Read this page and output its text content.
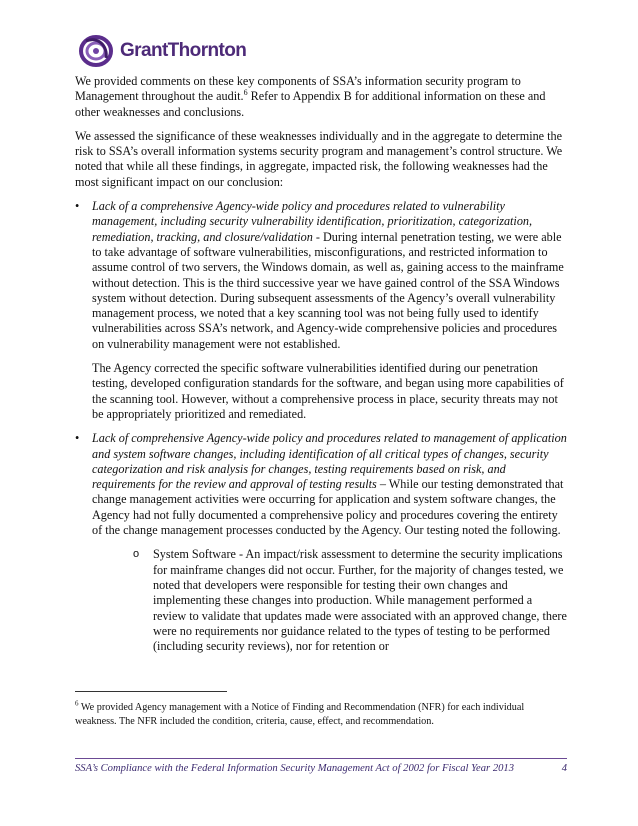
GrantThornton

We provided comments on these key components of SSA’s information security program to Management throughout the audit.$^6$ Refer to Appendix B for additional information on these and other weaknesses and conclusions.

We assessed the significance of these weaknesses individually and in the aggregate to determine the risk to SSA’s overall information systems security program and management’s control structure. We noted that while all these findings, in aggregate, impacted risk, the following weaknesses had the most significant impact on our conclusion:

• Lack of a comprehensive Agency-wide policy and procedures related to vulnerability management, including security vulnerability identification, prioritization, categorization, remediation, tracking, and closure/validation - During internal penetration testing, we were able to take advantage of software vulnerabilities, misconfigurations, and restricted information to assume control of two servers, the Windows domain, as well as, gaining access to the mainframe without detection. This is the third successive year we have gained control of the SSA Windows system without detection. During subsequent assessments of the Agency’s overall vulnerability management process, we noted that a key scanning tool was not being fully used to identify vulnerabilities across SSA’s network, and Agency-wide comprehensive policies and procedures on vulnerability management were not established.

The Agency corrected the specific software vulnerabilities identified during our penetration testing, developed configuration standards for the software, and began using more capabilities of the scanning tool. However, without a comprehensive process in place, security threats may not be appropriately prioritized and remediated.

• Lack of comprehensive Agency-wide policy and procedures related to management of application and system software changes, including identification of all critical types of changes, security categorization and risk analysis for changes, testing requirements based on risk, and requirements for the review and approval of testing results – While our testing demonstrated that change management activities were occurring for application and system software changes, the Agency had not fully documented a comprehensive policy and procedures covering the entirety of the change management processes conducted by the Agency. Our testing noted the following.

o System Software - An impact/risk assessment to determine the security implications for mainframe changes did not occur. Further, for the majority of changes tested, we noted that developers were responsible for testing their own changes and implementing these changes into production. While management performed a review to validate that updates made were associated with an approved change, there were no requirements nor guidance related to the types of testing to be performed (including security reviews), nor for retention or
$^6$ We provided Agency management with a Notice of Finding and Recommendation (NFR) for each individual weakness. The NFR included the condition, criteria, cause, effect, and recommendation.
SSA’s Compliance with the Federal Information Security Management Act of 2002 for Fiscal Year 2013	4
